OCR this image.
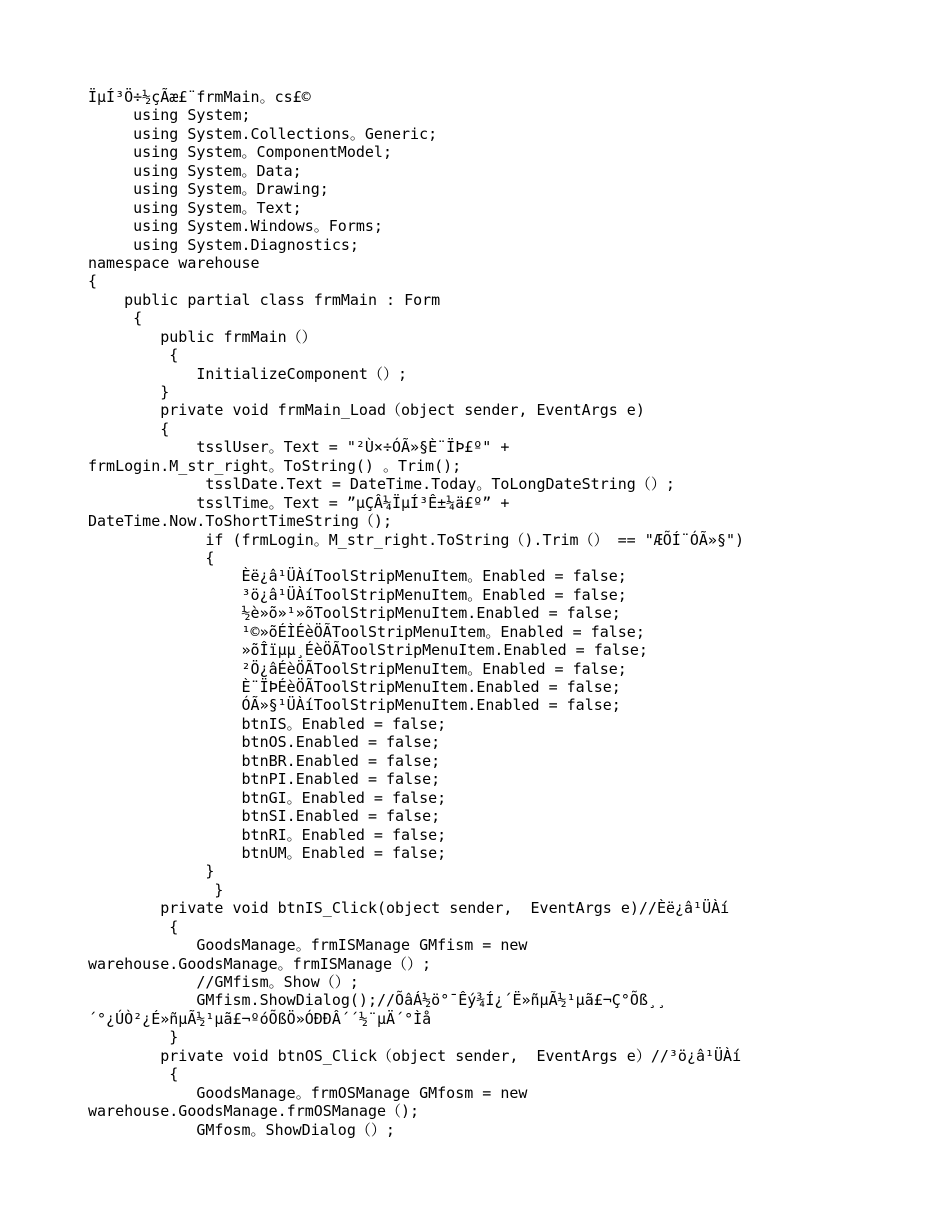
ÏµÍ³Ö÷½çÃæ£¨frmMain。cs£©
using System;
using System.Collections。Generic;
using System。ComponentModel;
using System。Data;
using System。Drawing;
using System。Text;
using System.Windows。Forms;
using System.Diagnostics;
namespace warehouse
{
public partial class frmMain : Form
{
public frmMain（）
{
InitializeComponent（）;
}
private void frmMain_Load（object sender, EventArgs e)
{
tsslUser。Text = "²Ù×÷ÓÃ»§È¨ÏÞ£º" +
frmLogin.M_str_right。ToString() 。Trim();
tsslDate.Text = DateTime.Today。ToLongDateString（）;
tsslTime。Text = ”µÇÂ¼ÏµÍ³Ê±¼ä£º” +
DateTime.Now.ToShortTimeString（);
if (frmLogin。M_str_right.ToString（).Trim（） == "ÆÕÍ¨ÓÃ»§")
{
Èë¿â¹ÜÀíToolStripMenuItem。Enabled = false;
³ö¿â¹ÜÀíToolStripMenuItem。Enabled = false;
½è»õ»¹»õToolStripMenuItem.Enabled = false;
¹©»õÉÌÉèÖÃToolStripMenuItem。Enabled = false;
»õÎïµµ¸ÉèÖÃToolStripMenuItem.Enabled = false;
²Ö¿âÉèÖÃToolStripMenuItem。Enabled = false;
È¨ÏÞÉèÖÃToolStripMenuItem.Enabled = false;
ÓÃ»§¹ÜÀíToolStripMenuItem.Enabled = false;
btnIS。Enabled = false;
btnOS.Enabled = false;
btnBR.Enabled = false;
btnPI.Enabled = false;
btnGI。Enabled = false;
btnSI.Enabled = false;
btnRI。Enabled = false;
btnUM。Enabled = false;
}
}
private void btnIS_Click(object sender,  EventArgs e)//Èë¿â¹ÜÀí
{
GoodsManage。frmISManage GMfism = new
warehouse.GoodsManage。frmISManage（）;
//GMfism。Show（）;
GMfism.ShowDialog();//ÕâÁ½ö°¯Êý¾Í¿´Ë»ñµÃ½¹µã£¬Ç°Õß¸¸
´°¿ÚÒ²¿É»ñµÃ½¹µã£¬ºóÕßÖ»ÓÐÐÂ´´½¨µÄ´°Ìå
}
private void btnOS_Click（object sender,  EventArgs e）//³ö¿â¹ÜÀí
{
GoodsManage。frmOSManage GMfosm = new
warehouse.GoodsManage.frmOSManage（);
GMfosm。ShowDialog（）;
